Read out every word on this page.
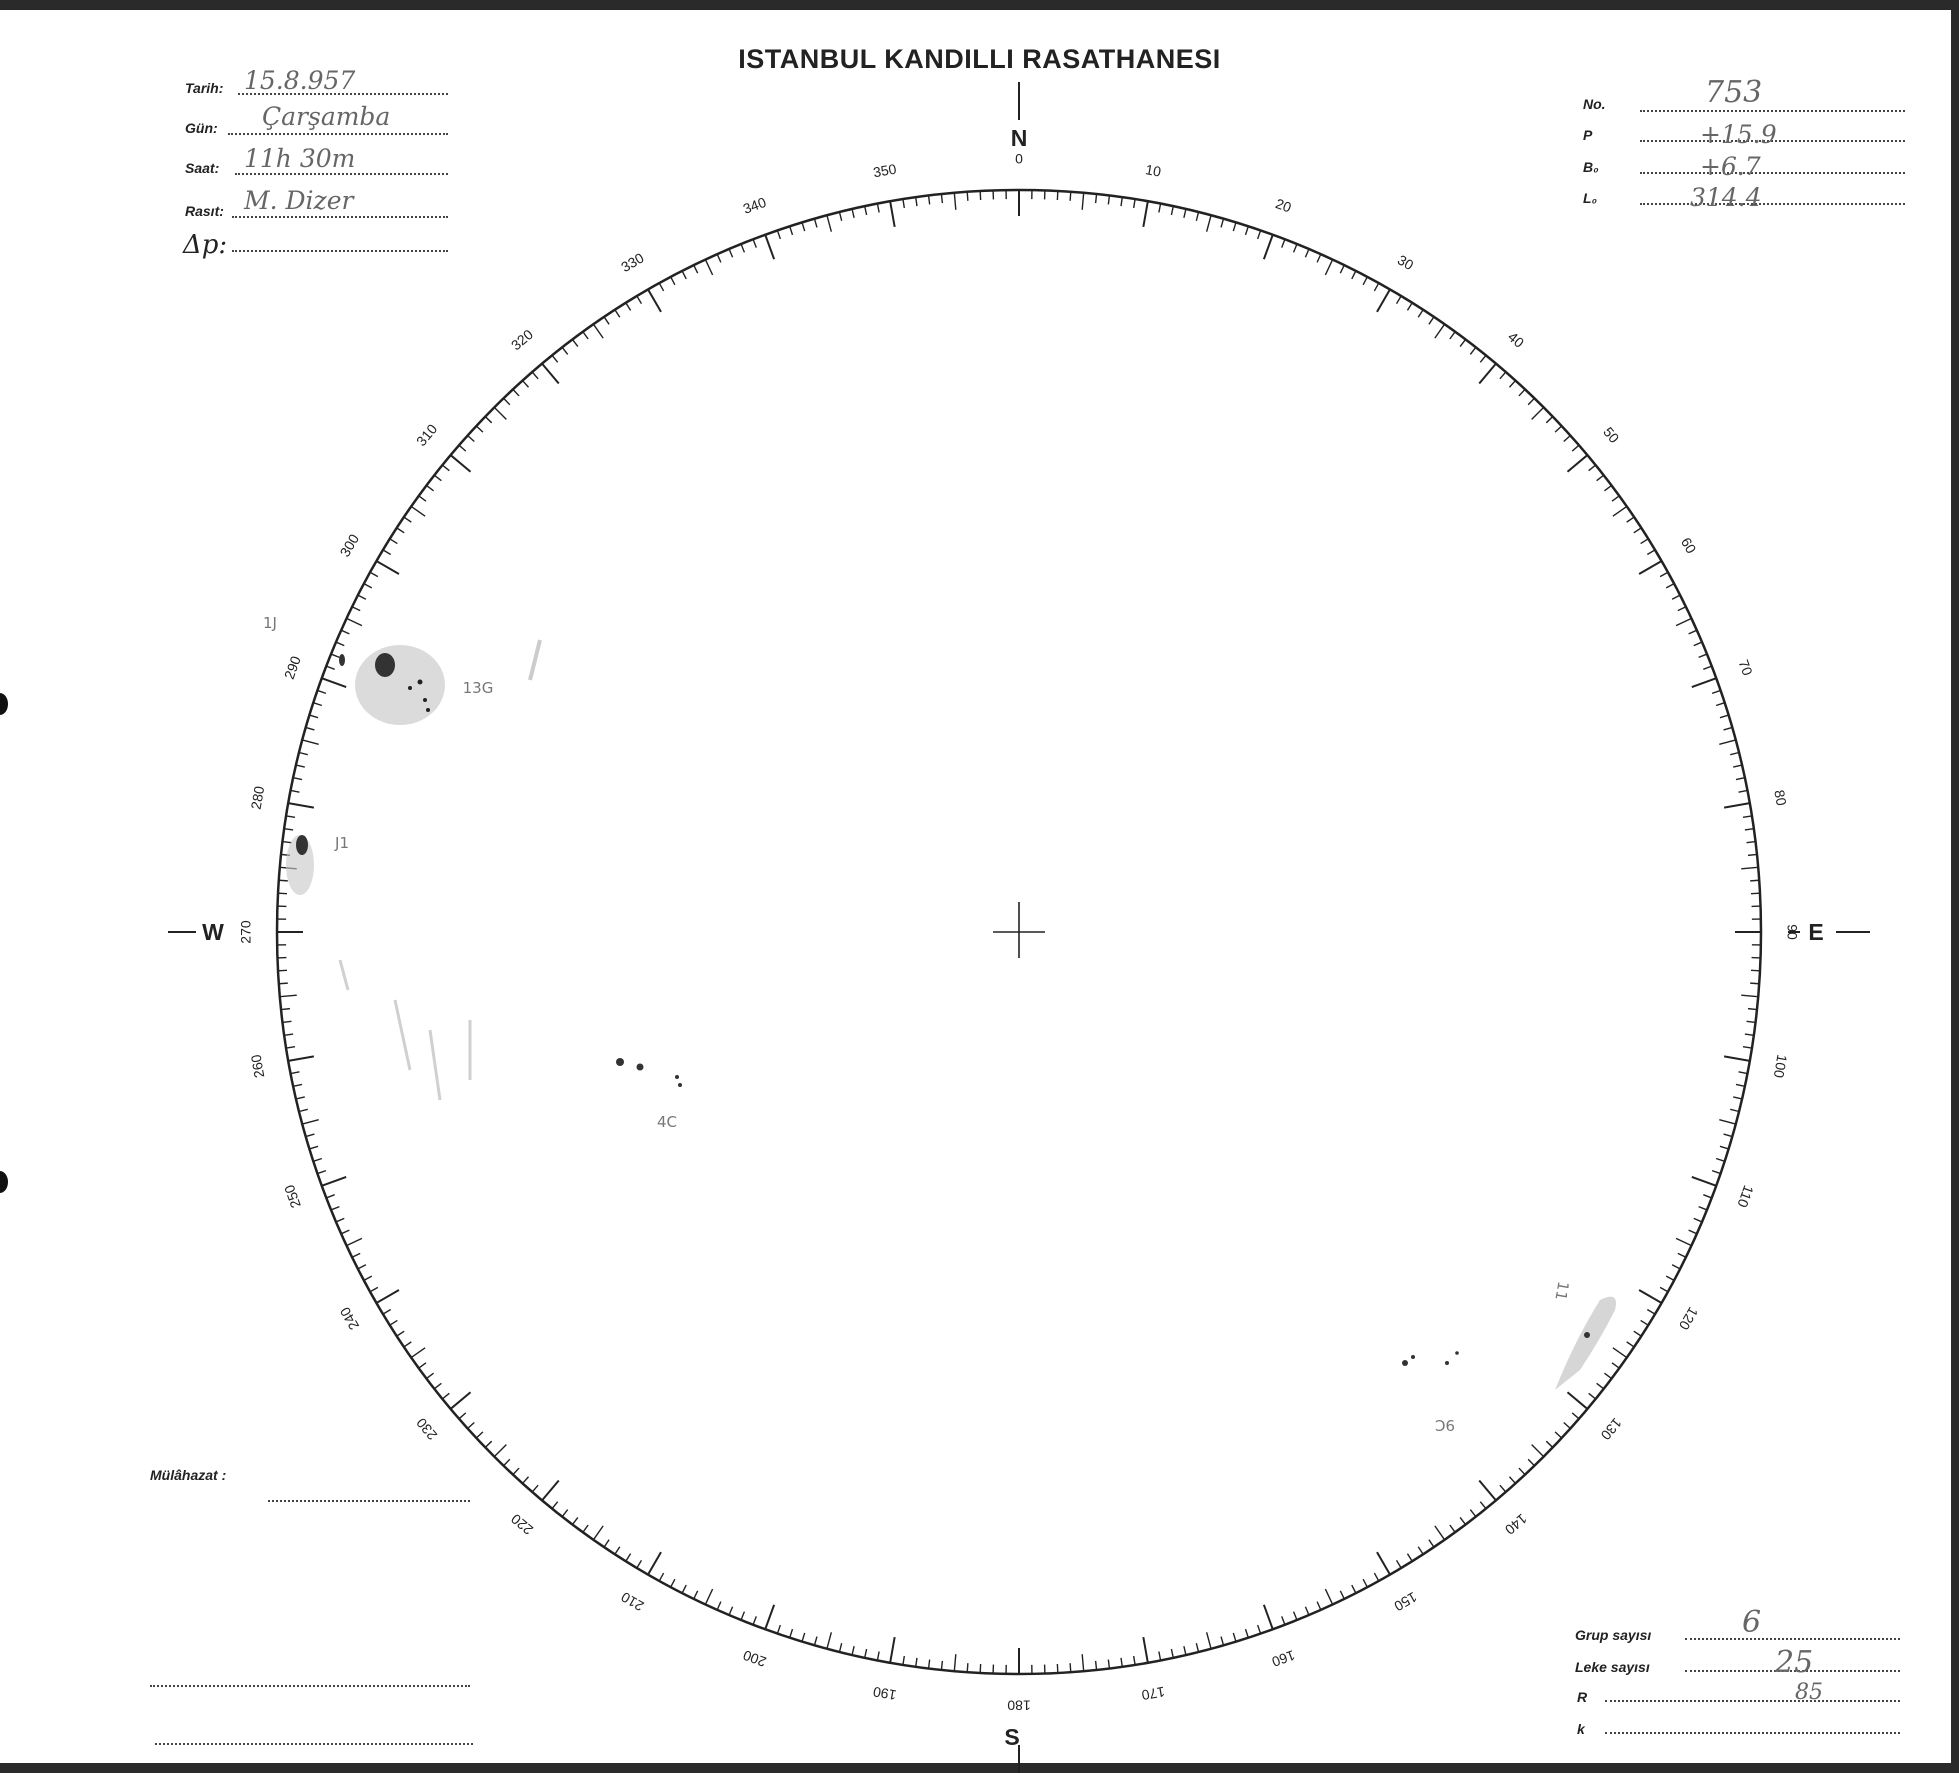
ISTANBUL KANDILLI RASATHANESI
Tarih: 15.8.957
Gün: Çarşamba
Saat: 11h 30m
Rasıt: M. Dizer
Δp:
No.	753
P	+15.9
B₀	+6.7
L₀	314.4
0
10
20
30
40
50
60
70
80
90
100
110
120
130
140
150
160
170
180
190
200
210
220
230
240
250
260
270
280
290
300
310
320
330
340
350
N
S
W	E
13G
1J
J1
4C
9C
11
Mülâhazat :
Grup sayısı	6
Leke sayısı	25
R	85
k
